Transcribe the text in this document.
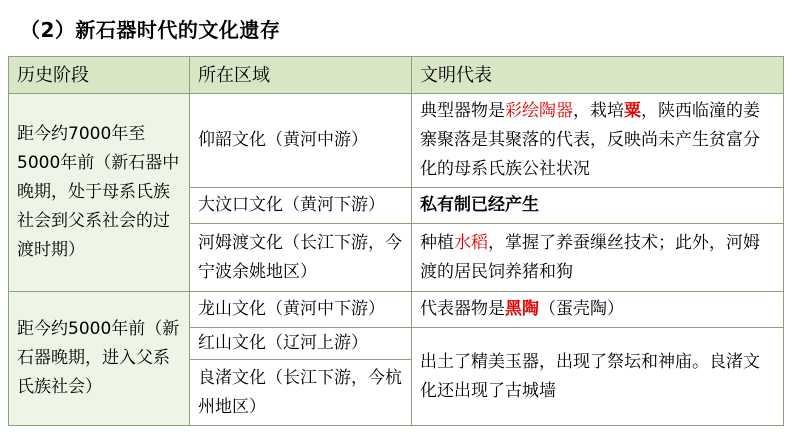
（2）新石器时代的文化遗存
历史阶段	所在区域	文明代表
距今约7000年至5000年前（新石器中晚期，处于母系氏族社会到父系社会的过渡时期）	仰韶文化（黄河中游）	典型器物是彩绘陶器，栽培粟，陕西临潼的姜寨聚落是其聚落的代表，反映尚未产生贫富分化的母系氏族公社状况
	大汶口文化（黄河下游）	私有制已经产生
	河姆渡文化（长江下游，今宁波余姚地区）	种植水稻，掌握了养蚕缫丝技术；此外，河姆渡的居民饲养猪和狗
距今约5000年前（新石器晚期，进入父系氏族社会）	龙山文化（黄河中下游）	代表器物是黑陶（蛋壳陶）
	红山文化（辽河上游）	出土了精美玉器，出现了祭坛和神庙。良渚文化还出现了古城墙
	良渚文化（长江下游，今杭州地区）	
